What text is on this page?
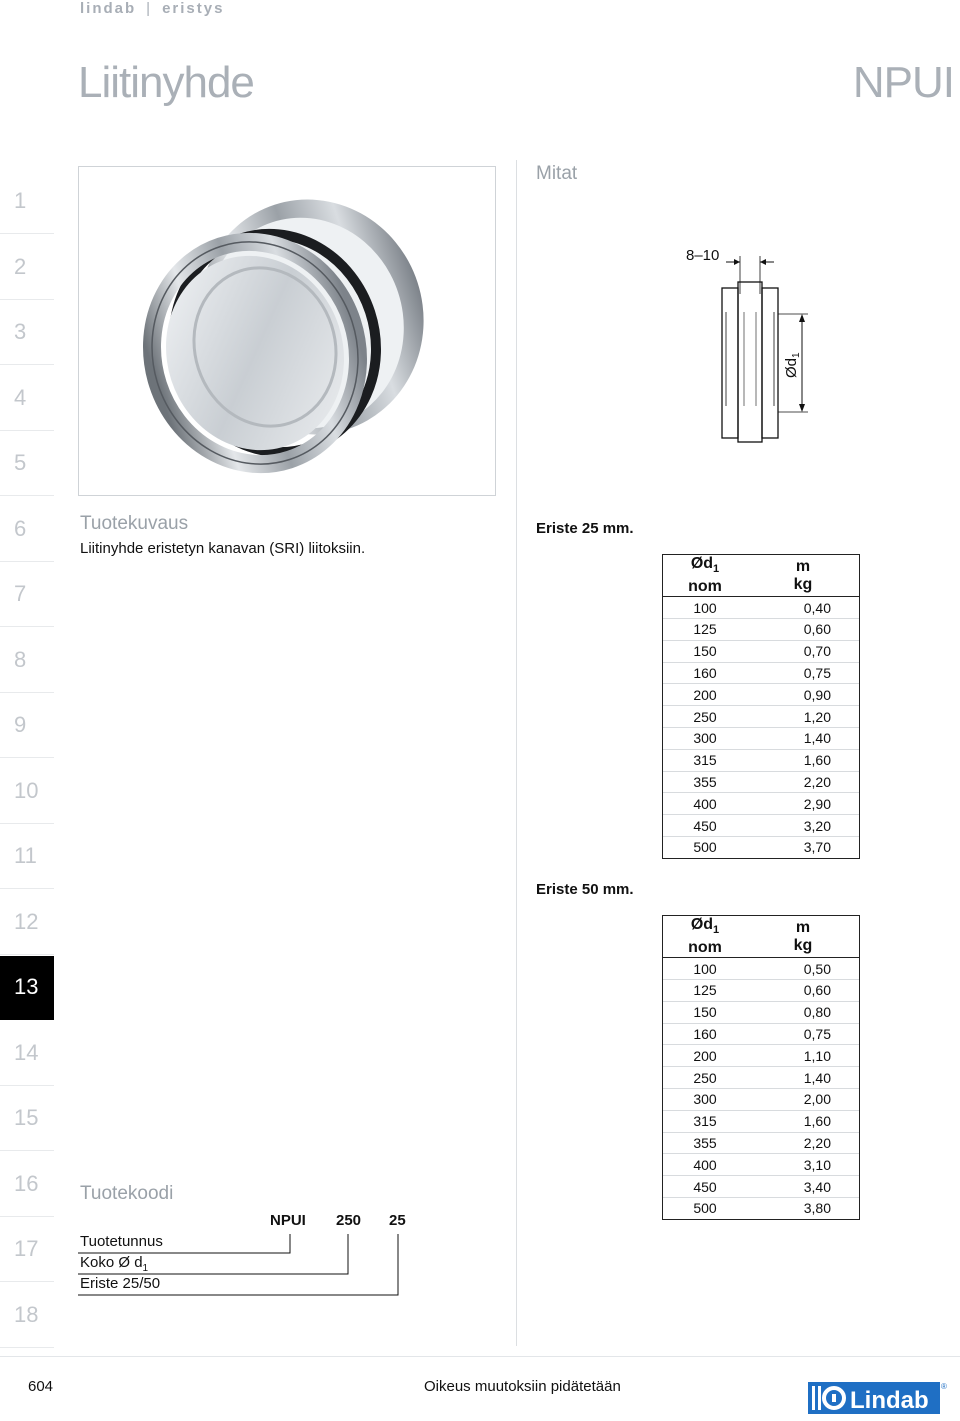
lindab | eristys
Liitinyhde	NPUI
1
2
3
4
5
6
7
8
9
10
11
12
13
14
15
16
17
18
Tuotekuvaus
Liitinyhde eristetyn kanavan (SRI) liitoksiin.
Mitat
8–10
$Ød_1$
Eriste 25 mm.
$Ød_1$
nom	m
kg
100	0,40
125	0,60
150	0,70
160	0,75
200	0,90
250	1,20
300	1,40
315	1,60
355	2,20
400	2,90
450	3,20
500	3,70
Eriste 50 mm.
$Ød_1$
nom	m
kg
100	0,50
125	0,60
150	0,80
160	0,75
200	1,10
250	1,40
300	2,00
315	1,60
355	2,20
400	3,10
450	3,40
500	3,80
Tuotekoodi
NPUI 250 25
Tuotetunnus
Koko Ø $d_1$
Eriste 25/50
604	Oikeus muutoksiin pidätetään
Lindab
®
